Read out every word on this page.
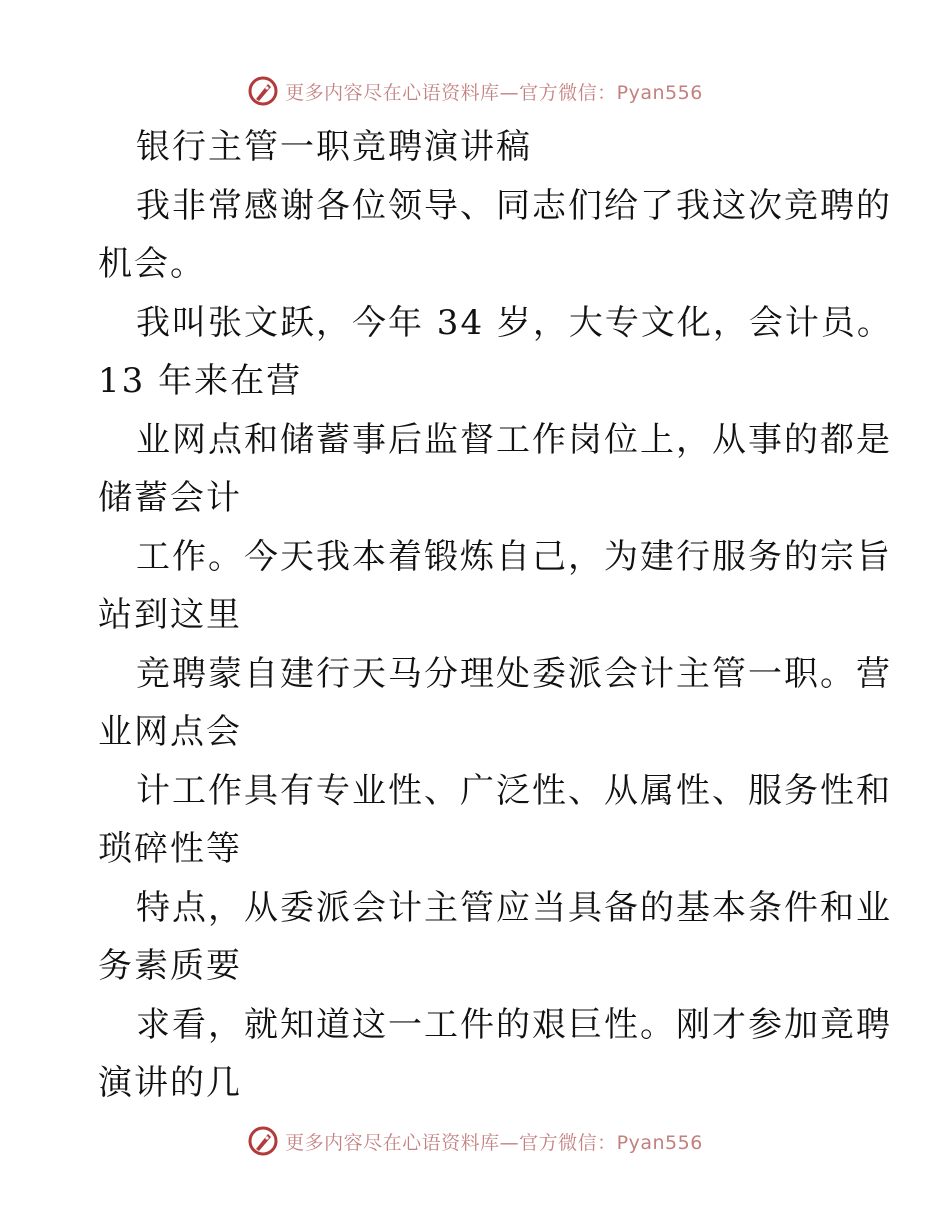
更多内容尽在心语资料库—官方微信：Pyan556
银行主管一职竞聘演讲稿
我非常感谢各位领导、同志们给了我这次竞聘的
机会。
我叫张文跃，今年 34 岁，大专文化，会计员。
13 年来在营
业网点和储蓄事后监督工作岗位上，从事的都是
储蓄会计
工作。今天我本着锻炼自己，为建行服务的宗旨
站到这里
竞聘蒙自建行天马分理处委派会计主管一职。营
业网点会
计工作具有专业性、广泛性、从属性、服务性和
琐碎性等
特点，从委派会计主管应当具备的基本条件和业
务素质要
求看，就知道这一工件的艰巨性。刚才参加竟聘
演讲的几
更多内容尽在心语资料库—官方微信：Pyan556
